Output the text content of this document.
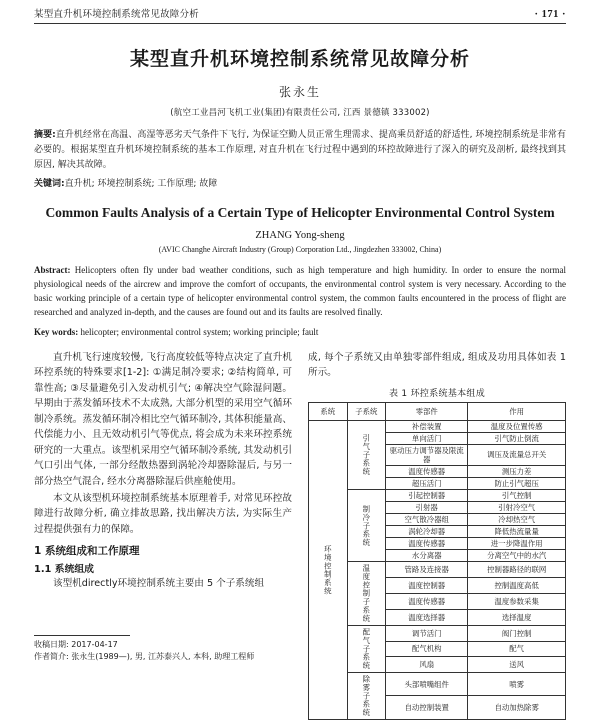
某型直升机环境控制系统常见故障分析	· 171 ·
某型直升机环境控制系统常见故障分析
张永生
(航空工业昌河飞机工业(集团)有限责任公司, 江西 景德镇 333002)
摘要:直升机经常在高温、高湿等恶劣天气条件下飞行, 为保证空勤人员正常生理需求、提高乘员舒适的舒适性, 环境控制系统是非常有必要的。根据某型直升机环境控制系统的基本工作原理, 对直升机在飞行过程中遇到的环控故障进行了深入的研究及剖析, 最终找到其原因, 解决其故障。
关键词:直升机; 环境控制系统; 工作原理; 故障
Common Faults Analysis of a Certain Type of Helicopter Environmental Control System
ZHANG Yong-sheng
(AVIC Changhe Aircraft Industry (Group) Corporation Ltd., Jingdezhen 333002, China)
Abstract: Helicopters often fly under bad weather conditions, such as high temperature and high humidity. In order to ensure the normal physiological needs of the aircrew and improve the comfort of occupants, the environmental control system is very necessary. According to the basic working principle of a certain type of helicopter environmental control system, the common faults encountered in the process of flight are researched and analyzed in-depth, and the causes are found out and its faults are resolved finally.
Key words: helicopter; environmental control system; working principle; fault

直升机飞行速度较慢, 飞行高度较低等特点决定了直升机环控系统的特殊要求[1-2]: ①满足制冷要求; ②结构简单, 可靠性高; ③尽量避免引入发动机引气; ④解决空气除湿问题。早期由于蒸发循环技术不太成熟, 大部分机型的采用空气循环制冷系统。蒸发循环制冷相比空气循环制冷, 其体积能量高、代偿能力小、且无效动机引气等优点, 将会成为未来环控系统研究的一大重点。该型机采用空气循环制冷系统, 其发动机引气口引出气体, 一部分经散热器到涡轮冷却器除湿后, 与另一部分热空气混合, 经水分离器除湿后供座舱使用。

本文从该型机环境控制系统基本原理着手, 对常见环控故障进行故障分析, 确立排故思路, 找出解决方法, 为实际生产过程提供强有力的保障。

1 系统组成和工作原理
1.1 系统组成

该型机directly环境控制系统主要由 5 个子系统组

成, 每个子系统又由单独零部件组成, 组成及功用具体如表 1 所示。

表 1 环控系统基本组成
系统	子系统	零部件	作用
环境控制系统	引气子系统	补偿装置	温度及位置传感
		单向活门	引气防止倒流
		驱动压力调节器及限流器	调压及流量总开关
		温度传感器	测压力差
		超压活门	防止引气超压
	制冷子系统	引起控制器	引气控制
		引射器	引射冷空气
		空气散冷器组	冷却热空气
		涡轮冷却器	降低热流量量
		温度传感器	进一步降温作用
		水分离器	分离空气中的水汽
	温度控制子系统	管路及连接器	控制器路径的联网
		温度控制器	控制温度高低
		温度传感器	温度参数采集
		温度选择器	选择温度
	配气子系统	调节活门	阀门控制
		配气机构	配气
		风扇	送风
	除雾子系统	头部喷嘴组件	喷雾
		自动控制装置	自动加热除雾
收稿日期: 2017-04-17
作者简介: 张永生(1989—), 男, 江苏泰兴人, 本科, 助理工程师
